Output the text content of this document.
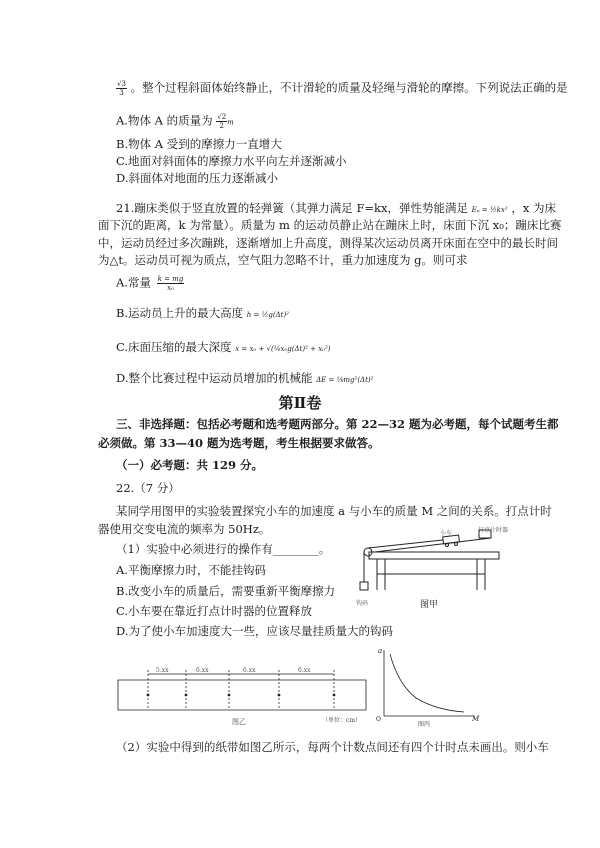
$\frac{√3}{3}$ 。整个过程斜面体始终静止，不计滑轮的质量及轻绳与滑轮的摩擦。下列说法正确的是
A.物体 A 的质量为 $\frac{√2}{2}$ m
B.物体 A 受到的摩擦力一直增大
C.地面对斜面体的摩擦力水平向左并逐渐减小
D.斜面体对地面的压力逐渐减小
21.蹦床类似于竖直放置的轻弹簧（其弹力满足 F=kx，弹性势能满足 Eₚ = ½kx² ，x 为床
面下沉的距离，k 为常量）。质量为 m 的运动员静止站在蹦床上时，床面下沉 x₀；蹦床比赛
中，运动员经过多次蹦跳，逐渐增加上升高度，测得某次运动员离开床面在空中的最长时间
为△t。运动员可视为质点，空气阻力忽略不计，重力加速度为 g。则可求
A.常量 $\frac{k = mg}{\text{x₀}}$
B.运动员上升的最大高度 h = ½g(Δt)²
C.床面压缩的最大深度 x = x₀ + √(¼x₀g(Δt)² + x₀²)
D.整个比赛过程中运动员增加的机械能 ΔE = ⅛mg²(Δt)²
第Ⅱ卷
三、非选择题：包括必考题和选考题两部分。第 22—32 题为必考题，每个试题考生都
必须做。第 33—40 题为选考题，考生根据要求做答。
（一）必考题：共 129 分。
22.（7 分）
某同学用图甲的实验装置探究小车的加速度 a 与小车的质量 M 之间的关系。打点计时
器使用交变电流的频率为 50Hz。
（1）实验中必须进行的操作有________。
A.平衡摩擦力时，不能挂钩码
B.改变小车的质量后，需要重新平衡摩擦力
C.小车要在靠近打点计时器的位置释放
D.为了使小车加速度大一些，应该尽量挂质量大的钩码
小车	打点计时器
钩码	图甲
5.xx	6.xx	6.xx	6.xx
图乙	（单位：cm）
a
M
O
图丙
（2）实验中得到的纸带如图乙所示，每两个计数点间还有四个计时点未画出。则小车
